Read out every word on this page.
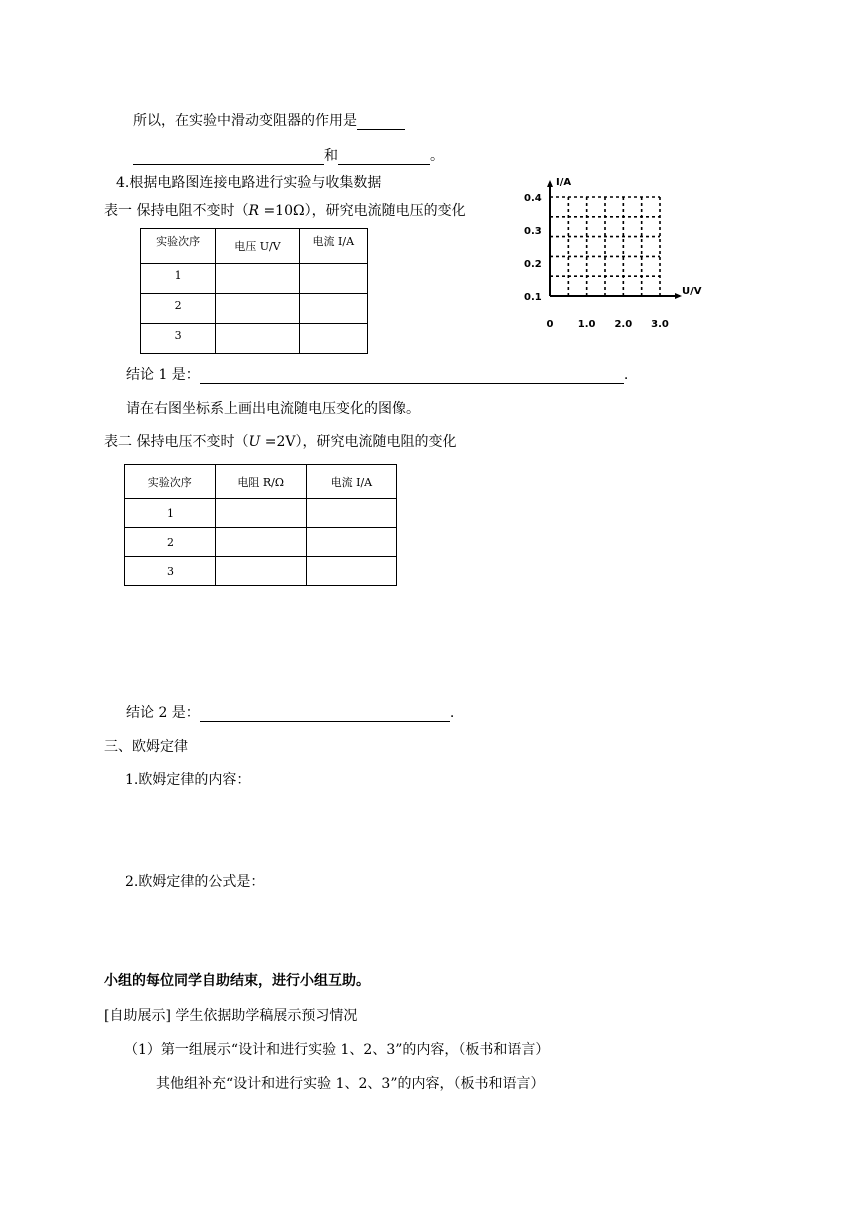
所以，在实验中滑动变阻器的作用是
和	。
4.根据电路图连接电路进行实验与收集数据
表一 保持电阻不变时（R =10Ω），研究电流随电压的变化
实验次序	电压 U/V	电流 I/A
1		
2		
3		
0.1
0.2
0.3
0.4
0 1.0 2.0 3.0
I/A
U/V
结论 1 是：	.
请在右图坐标系上画出电流随电压变化的图像。
表二 保持电压不变时（U =2V），研究电流随电阻的变化
实验次序	电阻 R/Ω	电流 I/A
1		
2		
3		
结论 2 是：	.
三、欧姆定律
1.欧姆定律的内容：
2.欧姆定律的公式是：
小组的每位同学自助结束，进行小组互助。
[自助展示] 学生依据助学稿展示预习情况
（1）第一组展示“设计和进行实验 1、2、3”的内容，（板书和语言）
其他组补充“设计和进行实验 1、2、3”的内容，（板书和语言）
